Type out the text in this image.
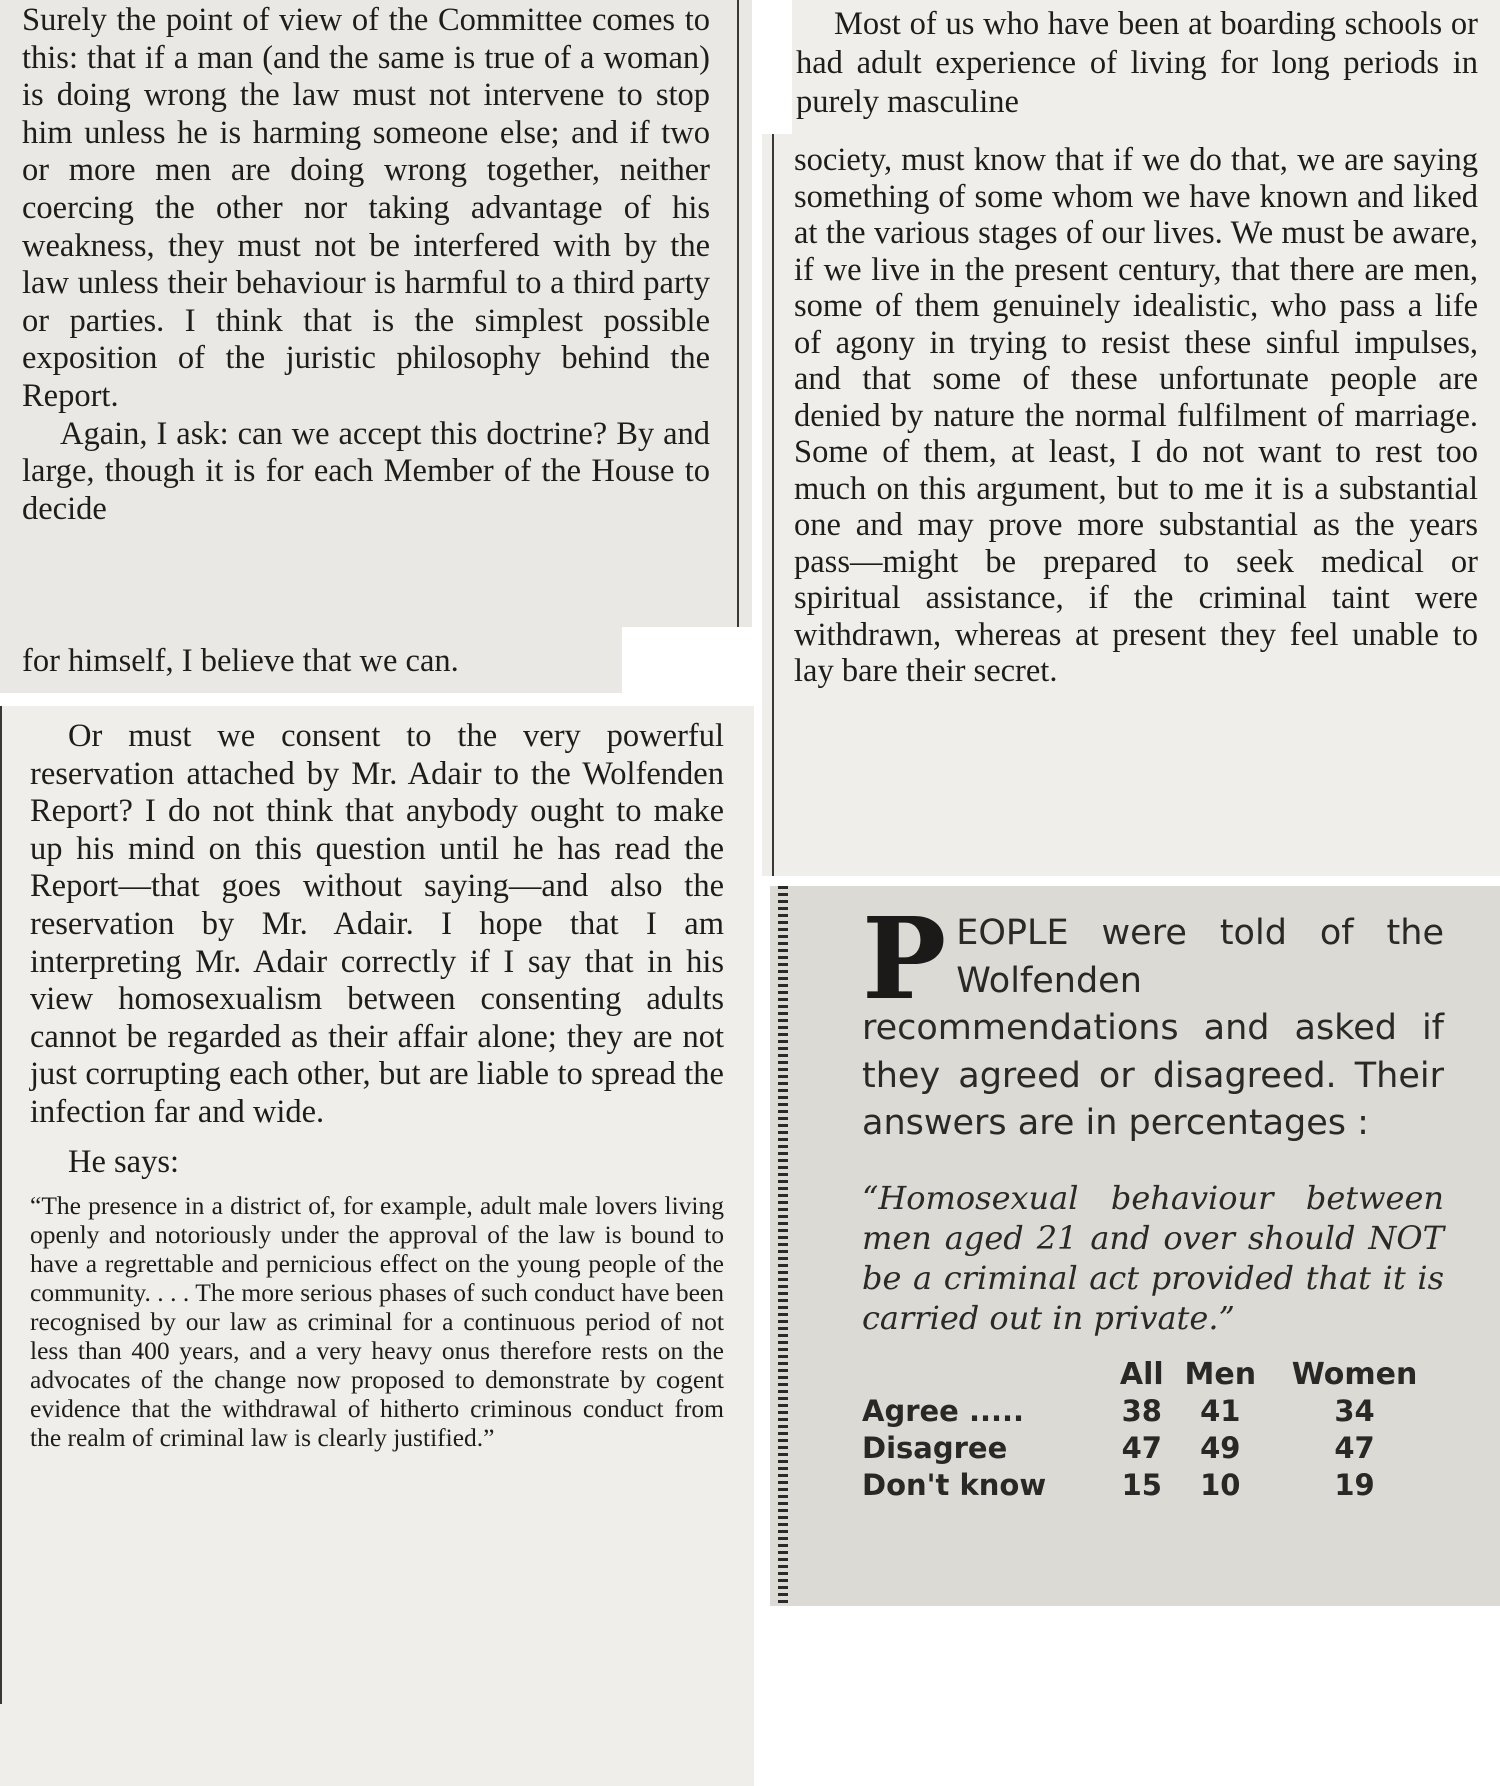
Surely the point of view of the Committee comes to this: that if a man (and the same is true of a woman) is doing wrong the law must not intervene to stop him unless he is harming someone else; and if two or more men are doing wrong together, neither coercing the other nor taking advantage of his weakness, they must not be interfered with by the law unless their behaviour is harmful to a third party or parties. I think that is the simplest possible exposition of the juristic philosophy behind the Report.

Again, I ask: can we accept this doctrine? By and large, though it is for each Member of the House to decide

for himself, I believe that we can.

Or must we consent to the very powerful reservation attached by Mr. Adair to the Wolfenden Report? I do not think that anybody ought to make up his mind on this question until he has read the Report—that goes without saying—and also the reservation by Mr. Adair. I hope that I am interpreting Mr. Adair correctly if I say that in his view homosexualism between consenting adults cannot be regarded as their affair alone; they are not just corrupting each other, but are liable to spread the infection far and wide.

He says:

“The presence in a district of, for example, adult male lovers living openly and notoriously under the approval of the law is bound to have a regrettable and pernicious effect on the young people of the community. . . . The more serious phases of such conduct have been recognised by our law as criminal for a continuous period of not less than 400 years, and a very heavy onus therefore rests on the advocates of the change now proposed to demonstrate by cogent evidence that the withdrawal of hitherto criminous conduct from the realm of criminal law is clearly justified.”

Most of us who have been at boarding schools or had adult experience of living for long periods in purely masculine

society, must know that if we do that, we are saying something of some whom we have known and liked at the various stages of our lives. We must be aware, if we live in the present century, that there are men, some of them genuinely idealistic, who pass a life of agony in trying to resist these sinful impulses, and that some of these unfortunate people are denied by nature the normal fulfilment of marriage. Some of them, at least, I do not want to rest too much on this argument, but to me it is a substantial one and may prove more substantial as the years pass—might be prepared to seek medical or spiritual assistance, if the criminal taint were withdrawn, whereas at present they feel unable to lay bare their secret.

P EOPLE were told of the Wolfenden recommendations and asked if they agreed or disagreed. Their answers are in percentages :

“Homosexual behaviour between men aged 21 and over should NOT be a criminal act provided that it is carried out in private.”

	All	Men	Women
Agree .....	38	41	34
Disagree	47	49	47
Don't know	15	10	19
